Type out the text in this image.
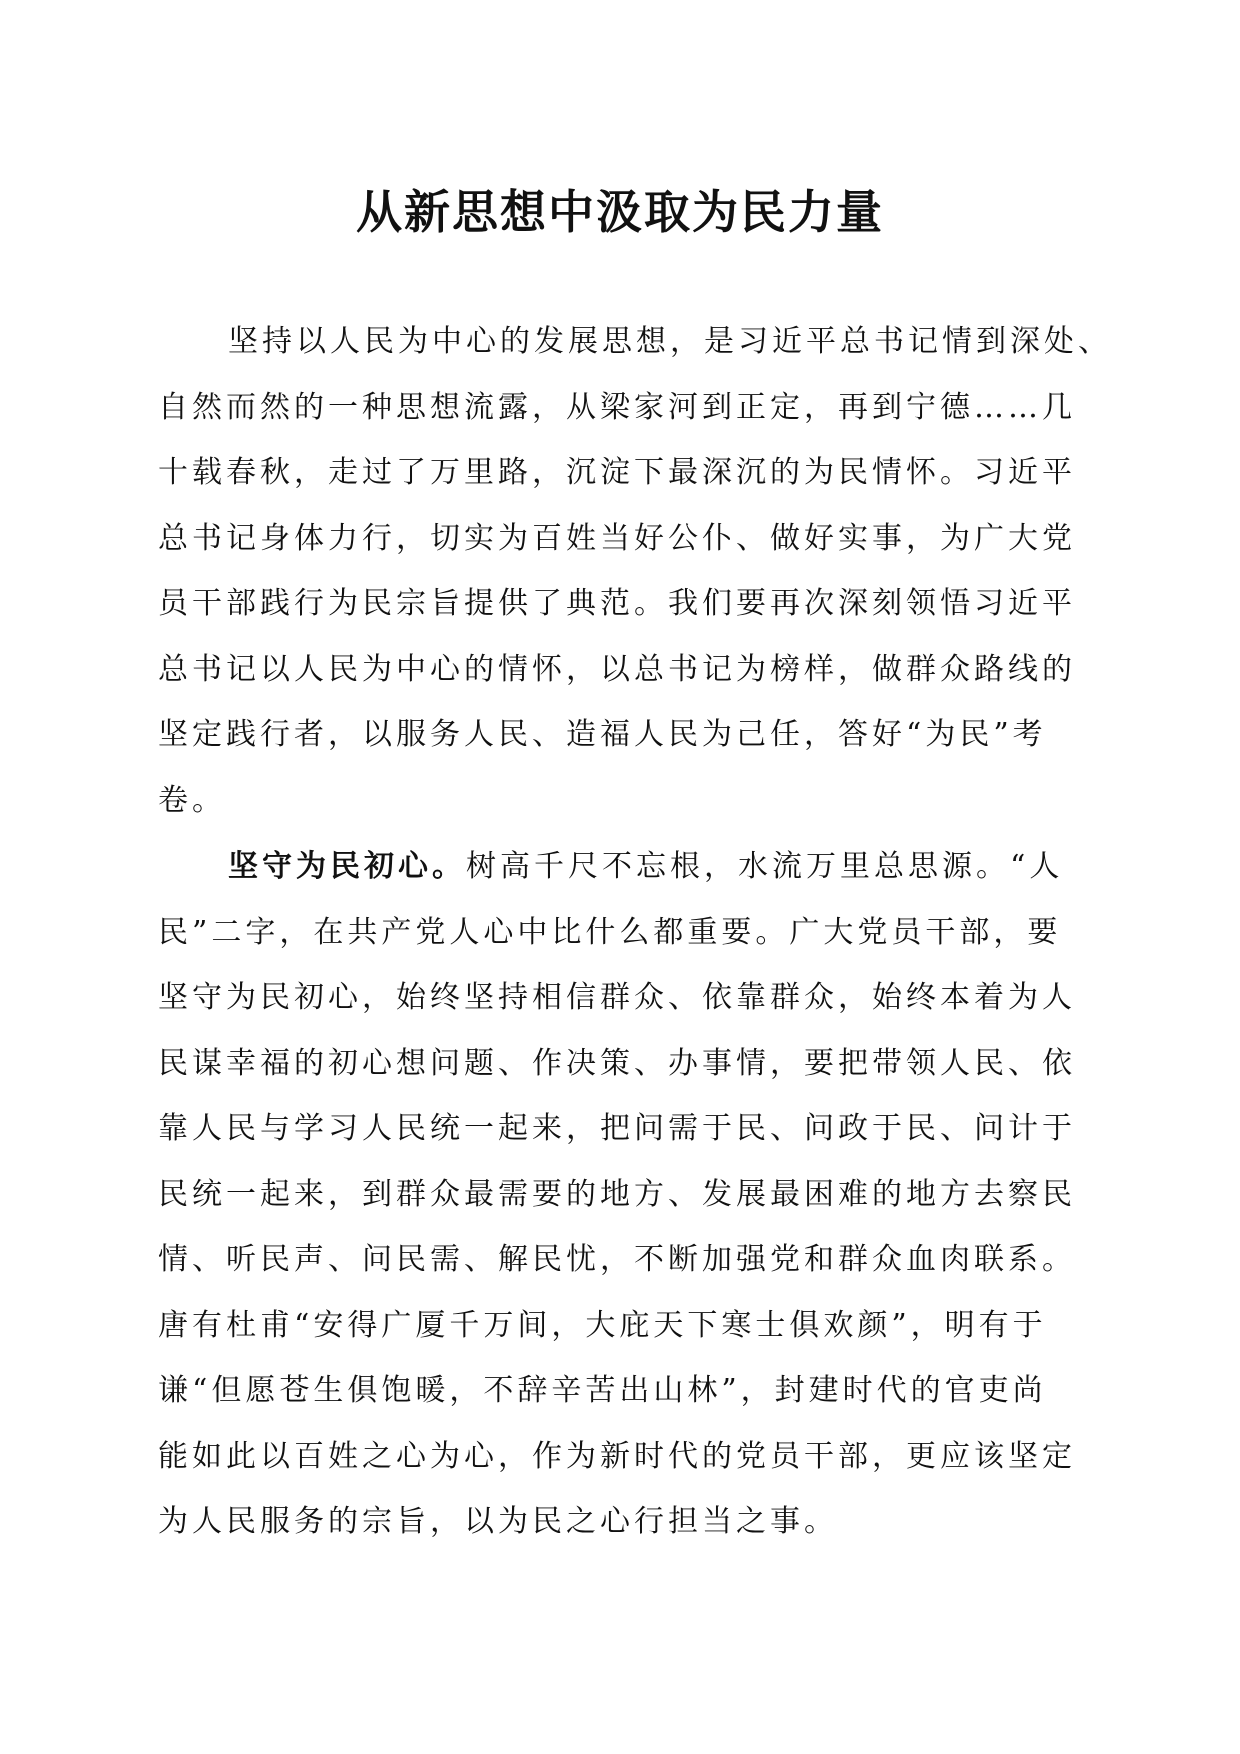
从新思想中汲取为民力量
坚持以人民为中心的发展思想，是习近平总书记情到深处、
自然而然的一种思想流露，从梁家河到正定，再到宁德……几
十载春秋，走过了万里路，沉淀下最深沉的为民情怀。习近平
总书记身体力行，切实为百姓当好公仆、做好实事，为广大党
员干部践行为民宗旨提供了典范。我们要再次深刻领悟习近平
总书记以人民为中心的情怀，以总书记为榜样，做群众路线的
坚定践行者，以服务人民、造福人民为己任，答好“为民”考
卷。
坚守为民初心。树高千尺不忘根，水流万里总思源。“人
民”二字，在共产党人心中比什么都重要。广大党员干部，要
坚守为民初心，始终坚持相信群众、依靠群众，始终本着为人
民谋幸福的初心想问题、作决策、办事情，要把带领人民、依
靠人民与学习人民统一起来，把问需于民、问政于民、问计于
民统一起来，到群众最需要的地方、发展最困难的地方去察民
情、听民声、问民需、解民忧，不断加强党和群众血肉联系。
唐有杜甫“安得广厦千万间，大庇天下寒士俱欢颜”，明有于
谦“但愿苍生俱饱暖，不辞辛苦出山林”，封建时代的官吏尚
能如此以百姓之心为心，作为新时代的党员干部，更应该坚定
为人民服务的宗旨，以为民之心行担当之事。
